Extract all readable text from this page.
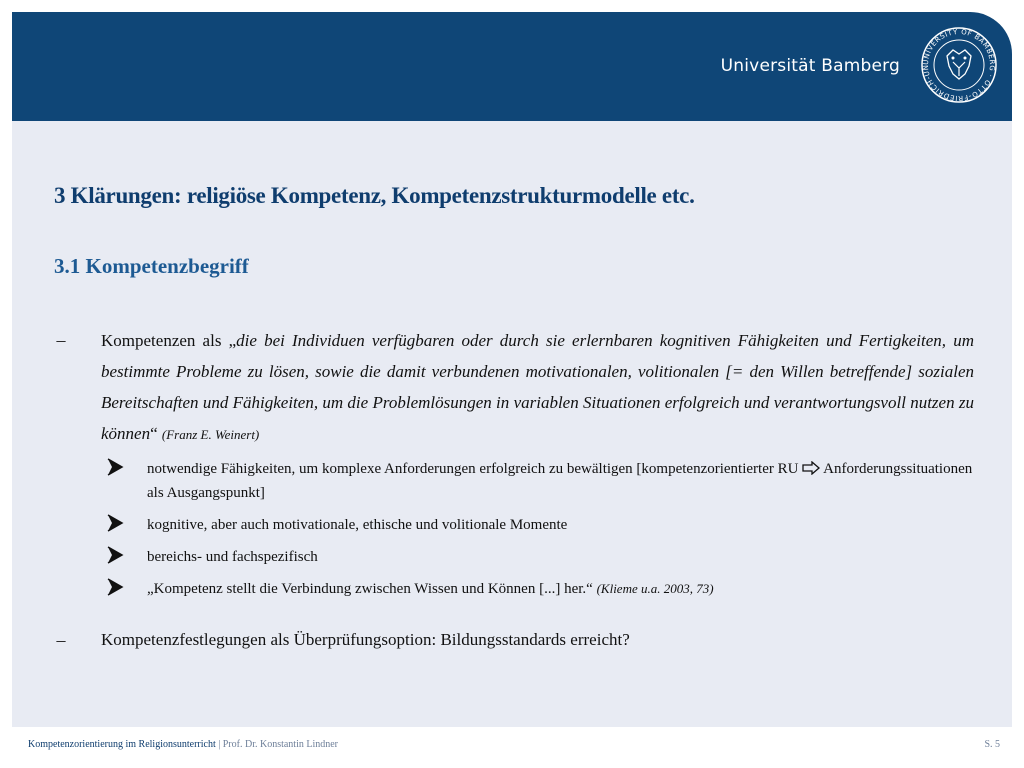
Universität Bamberg	UNIVERSITY OF BAMBERG · OTTO-FRIEDRICH-UN
3 Klärungen: religiöse Kompetenz, Kompetenzstrukturmodelle etc.
3.1 Kompetenzbegriff
– Kompetenzen als „die bei Individuen verfügbaren oder durch sie erlernbaren kognitiven Fähigkeiten und Fertigkeiten, um bestimmte Probleme zu lösen, sowie die damit verbundenen motivationalen, volitionalen [= den Willen betreffende] sozialen Bereitschaften und Fähigkeiten, um die Problemlösungen in variablen Situationen erfolgreich und verantwortungsvoll nutzen zu können“ (Franz E. Weinert)
notwendige Fähigkeiten, um komplexe Anforderungen erfolgreich zu bewältigen [kompetenzorientierter RU  Anforderungssituationen als Ausgangspunkt]
kognitive, aber auch motivationale, ethische und volitionale Momente
bereichs- und fachspezifisch
„Kompetenz stellt die Verbindung zwischen Wissen und Können [...] her.“ (Klieme u.a. 2003, 73)
– Kompetenzfestlegungen als Überprüfungsoption: Bildungsstandards erreicht?
Kompetenzorientierung im Religionsunterricht | Prof. Dr. Konstantin Lindner	S. 5
